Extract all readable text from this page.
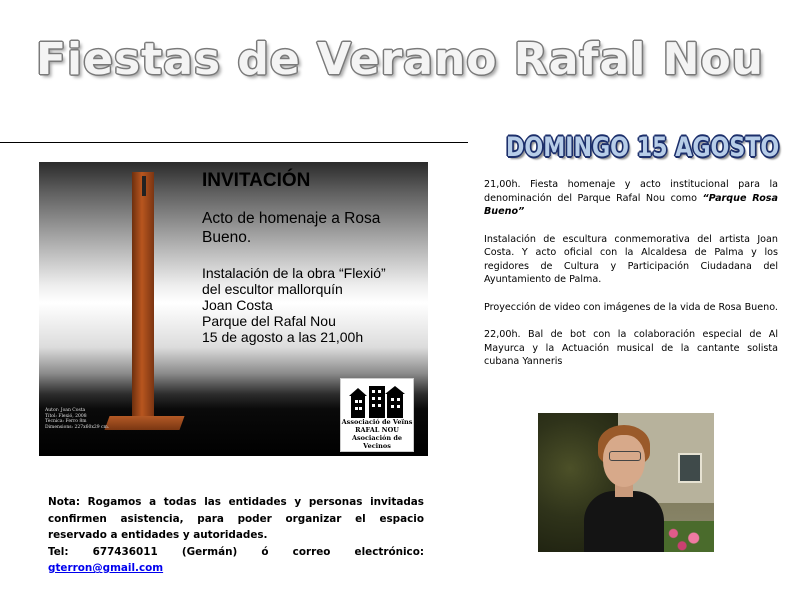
Fiestas de Verano Rafal Nou
DOMINGO 15 AGOSTO
Autor: Joan Costa
Títol: Flexió, 2008
Tècnica: Ferro 8m
Dimensions: 227x60x29 cm.
INVITACIÓN
Acto de homenaje a Rosa Bueno.
Instalación de la obra “Flexió”
del escultor mallorquín
Joan Costa
Parque del Rafal Nou
15 de agosto a las 21,00h
Associació de Veïns
RAFAL NOU
Asociación de Vecinos

21,00h. Fiesta homenaje y acto institucional para la denominación del Parque Rafal Nou como “Parque Rosa Bueno”

Instalación de escultura conmemorativa del artista Joan Costa. Y acto oficial con la Alcaldesa de Palma y los regidores de Cultura y Participación Ciudadana del Ayuntamiento de Palma.

Proyección de video con imágenes de la vida de Rosa Bueno.

22,00h. Bal de bot con la colaboración especial de Al Mayurca y la Actuación musical de la cantante solista cubana Yanneris

Nota: Rogamos a todas las entidades y personas invitadas confirmen asistencia, para poder organizar el espacio reservado a entidades y autoridades.
Tel: 677436011 (Germán) ó correo electrónico: gterron@gmail.com
